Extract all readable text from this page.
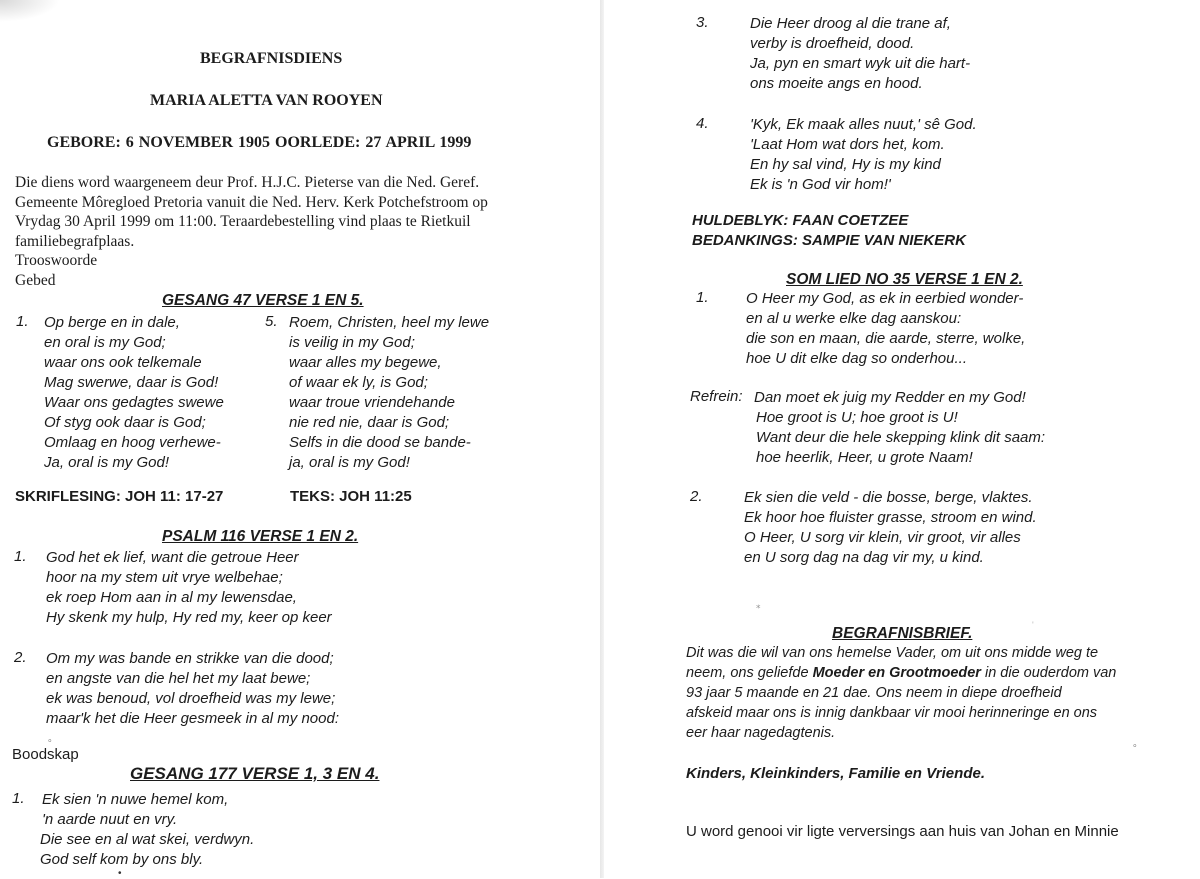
BEGRAFNISDIENS
MARIA ALETTA VAN ROOYEN
GEBORE: 6 NOVEMBER 1905 OORLEDE: 27 APRIL 1999
Die diens word waargeneem deur Prof. H.J.C. Pieterse van die Ned. Geref.
Gemeente Môregloed Pretoria vanuit die Ned. Herv. Kerk Potchefstroom op
Vrydag 30 April 1999 om 11:00. Teraardebestelling vind plaas te Rietkuil
familiebegrafplaas.
Trooswoorde
Gebed
GESANG 47 VERSE 1 EN 5.
1. Op berge en in dale,
en oral is my God;
waar ons ook telkemale
Mag swerwe, daar is God!
Waar ons gedagtes swewe
Of styg ook daar is God;
Omlaag en hoog verhewe-
Ja, oral is my God!
5. Roem, Christen, heel my lewe
is veilig in my God;
waar alles my begewe,
of waar ek ly, is God;
waar troue vriendehande
nie red nie, daar is God;
Selfs in die dood se bande-
ja, oral is my God!
SKRIFLESING: JOH 11: 17-27	TEKS: JOH 11:25
PSALM 116 VERSE 1 EN 2.
1. God het ek lief, want die getroue Heer
hoor na my stem uit vrye welbehae;
ek roep Hom aan in al my lewensdae,
Hy skenk my hulp, Hy red my, keer op keer
2. Om my was bande en strikke van die dood;
en angste van die hel het my laat bewe;
ek was benoud, vol droefheid was my lewe;
maar'k het die Heer gesmeek in al my nood:
Boodskap
GESANG 177 VERSE 1, 3 EN 4.
1. Ek sien 'n nuwe hemel kom,
'n aarde nuut en vry.
Die see en al wat skei, verdwyn.
God self kom by ons bly.
∘
•
3.	Die Heer droog al die trane af,
verby is droefheid, dood.
Ja, pyn en smart wyk uit die hart-
ons moeite angs en hood.
4.	'Kyk, Ek maak alles nuut,' sê God.
'Laat Hom wat dors het, kom.
En hy sal vind, Hy is my kind
Ek is 'n God vir hom!'
HULDEBLYK: FAAN COETZEE
BEDANKINGS: SAMPIE VAN NIEKERK
SOM LIED NO 35 VERSE 1 EN 2.
1. O Heer my God, as ek in eerbied wonder-
en al u werke elke dag aanskou:
die son en maan, die aarde, sterre, wolke,
hoe U dit elke dag so onderhou...
Refrein: Dan moet ek juig my Redder en my God!
Hoe groot is U; hoe groot is U!
Want deur die hele skepping klink dit saam:
hoe heerlik, Heer, u grote Naam!
2.	Ek sien die veld - die bosse, berge, vlaktes.
Ek hoor hoe fluister grasse, stroom en wind.
O Heer, U sorg vir klein, vir groot, vir alles
en U sorg dag na dag vir my, u kind.
BEGRAFNISBRIEF.
Dit was die wil van ons hemelse Vader, om uit ons midde weg te
neem, ons geliefde Moeder en Grootmoeder in die ouderdom van
93 jaar 5 maande en 21 dae. Ons neem in diepe droefheid
afskeid maar ons is innig dankbaar vir mooi herinneringe en ons
eer haar nagedagtenis.
Kinders, Kleinkinders, Familie en Vriende.
U word genooi vir ligte verversings aan huis van Johan en Minnie
⁎
∘
'
